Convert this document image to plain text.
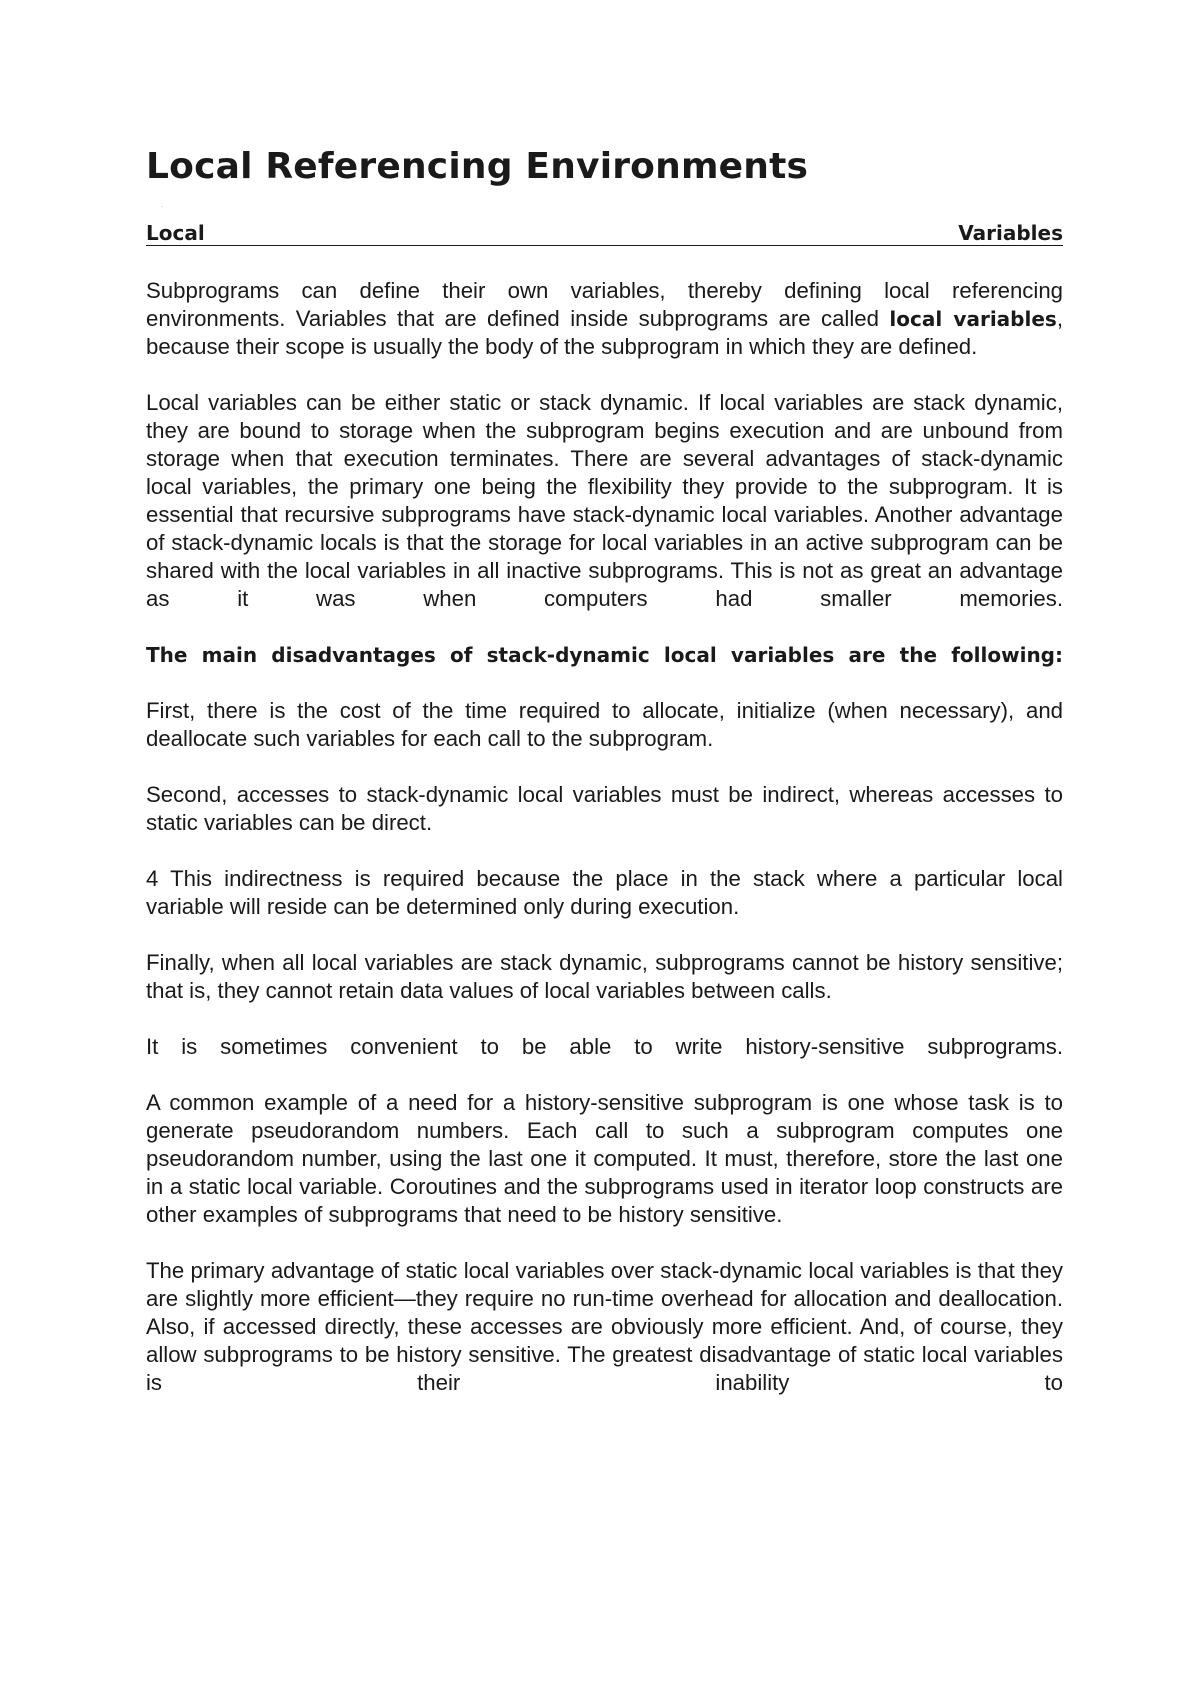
Local Referencing Environments
.
Local	Variables

Subprograms can define their own variables, thereby defining local referencing environments. Variables that are defined inside subprograms are called local variables, because their scope is usually the body of the subprogram in which they are defined.

Local variables can be either static or stack dynamic. If local variables are stack dynamic, they are bound to storage when the subprogram begins execution and are unbound from storage when that execution terminates. There are several advantages of stack-dynamic local variables, the primary one being the flexibility they provide to the subprogram. It is essential that recursive subprograms have stack-dynamic local variables. Another advantage of stack-dynamic locals is that the storage for local variables in an active subprogram can be shared with the local variables in all inactive subprograms. This is not as great an advantage as it was when computers had smaller memories.

The main disadvantages of stack-dynamic local variables are the following:

First, there is the cost of the time required to allocate, initialize (when necessary), and deallocate such variables for each call to the subprogram.

Second, accesses to stack-dynamic local variables must be indirect, whereas accesses to static variables can be direct.

4 This indirectness is required because the place in the stack where a particular local variable will reside can be determined only during execution.

Finally, when all local variables are stack dynamic, subprograms cannot be history sensitive; that is, they cannot retain data values of local variables between calls.

It is sometimes convenient to be able to write history-sensitive subprograms.

A common example of a need for a history-sensitive subprogram is one whose task is to generate pseudorandom numbers. Each call to such a subprogram computes one pseudorandom number, using the last one it computed. It must, therefore, store the last one in a static local variable. Coroutines and the subprograms used in iterator loop constructs are other examples of subprograms that need to be history sensitive.

The primary advantage of static local variables over stack-dynamic local variables is that they are slightly more efficient—they require no run-time overhead for allocation and deallocation. Also, if accessed directly, these accesses are obviously more efficient. And, of course, they allow subprograms to be history sensitive. The greatest disadvantage of static local variables is their inability to
